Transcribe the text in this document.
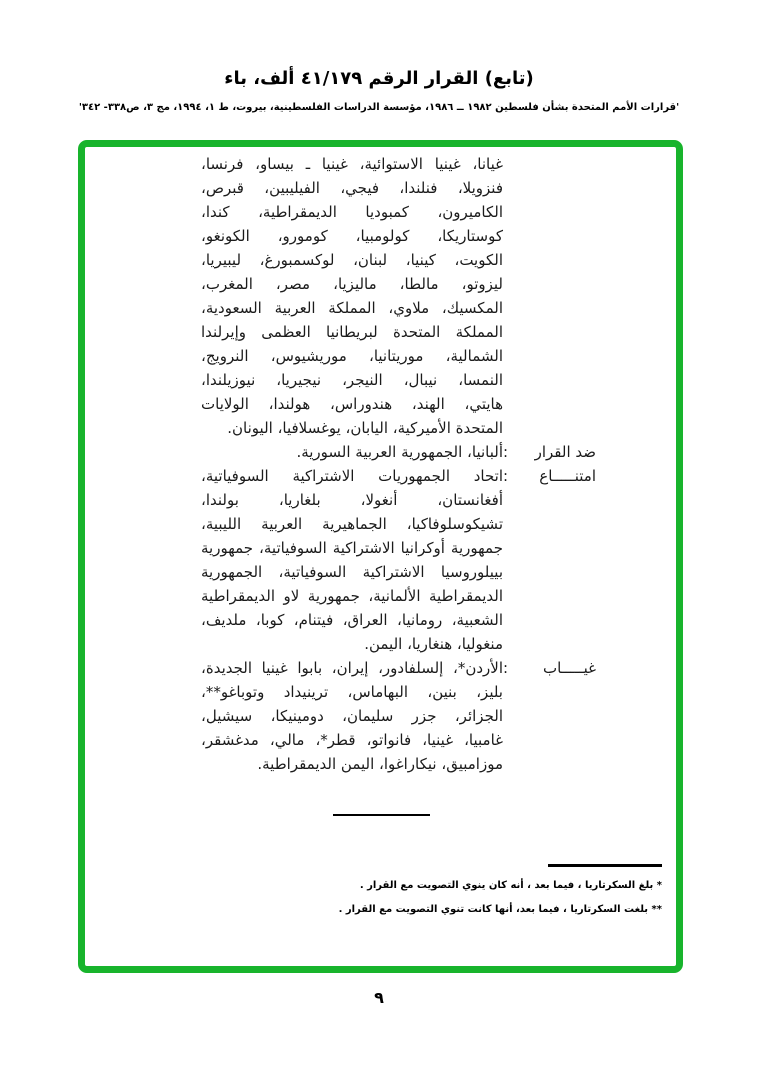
(تابع) القرار الرقم ٤١/١٧٩ ألف، باء
'قرارات الأمم المتحدة بشأن فلسطين ١٩٨٢ ــ ١٩٨٦، مؤسسة الدراسات الفلسطينية، بيروت، ط ١، ١٩٩٤، مج ٣، ص٣٣٨- ٣٤٢'
غيانا، غينيا الاستوائية، غينيا ـ بيساو، فرنسا،
فنزويلا، فنلندا، فيجي، الفيليبين، قبرص،
الكاميرون، كمبوديا الديمقراطية، كندا،
كوستاريكا، كولومبيا، كومورو، الكونغو،
الكويت، كينيا، لبنان، لوكسمبورغ، ليبيريا،
ليزوتو، مالطا، ماليزيا، مصر، المغرب،
المكسيك، ملاوي، المملكة العربية السعودية،
المملكة المتحدة لبريطانيا العظمى وإيرلندا
الشمالية، موريتانيا، موريشيوس، النرويج،
النمسا، نيبال، النيجر، نيجيريا، نيوزيلندا،
هايتي، الهند، هندوراس، هولندا، الولايات
المتحدة الأميركية، اليابان، يوغسلافيا، اليونان.
ضد القرار
:
ألبانيا، الجمهورية العربية السورية.
امتنـــــاع
:
اتحاد الجمهوريات الاشتراكية السوفياتية،
أفغانستان، أنغولا، بلغاريا، بولندا،
تشيكوسلوفاكيا، الجماهيرية العربية الليبية،
جمهورية أوكرانيا الاشتراكية السوفياتية، جمهورية
بييلوروسيا الاشتراكية السوفياتية، الجمهورية
الديمقراطية الألمانية، جمهورية لاو الديمقراطية
الشعبية، رومانيا، العراق، فيتنام، كوبا، ملديف،
منغوليا، هنغاريا، اليمن.
غيـــــاب
:
الأردن*، إلسلفادور، إيران، بابوا غينيا الجديدة،
بليز، بنين، البهاماس، ترينيداد وتوباغو**،
الجزائر، جزر سليمان، دومينيكا، سيشيل،
غامبيا، غينيا، فانواتو، قطر*، مالي، مدغشقر،
موزامبيق، نيكاراغوا، اليمن الديمقراطية.
* بلغ السكرتاريا ، فيما بعد ، أنه كان ينوي التصويت مع القرار .
** بلغت السكرتاريا ، فيما بعد، أنها كانت تنوي التصويت مع القرار .
٩
